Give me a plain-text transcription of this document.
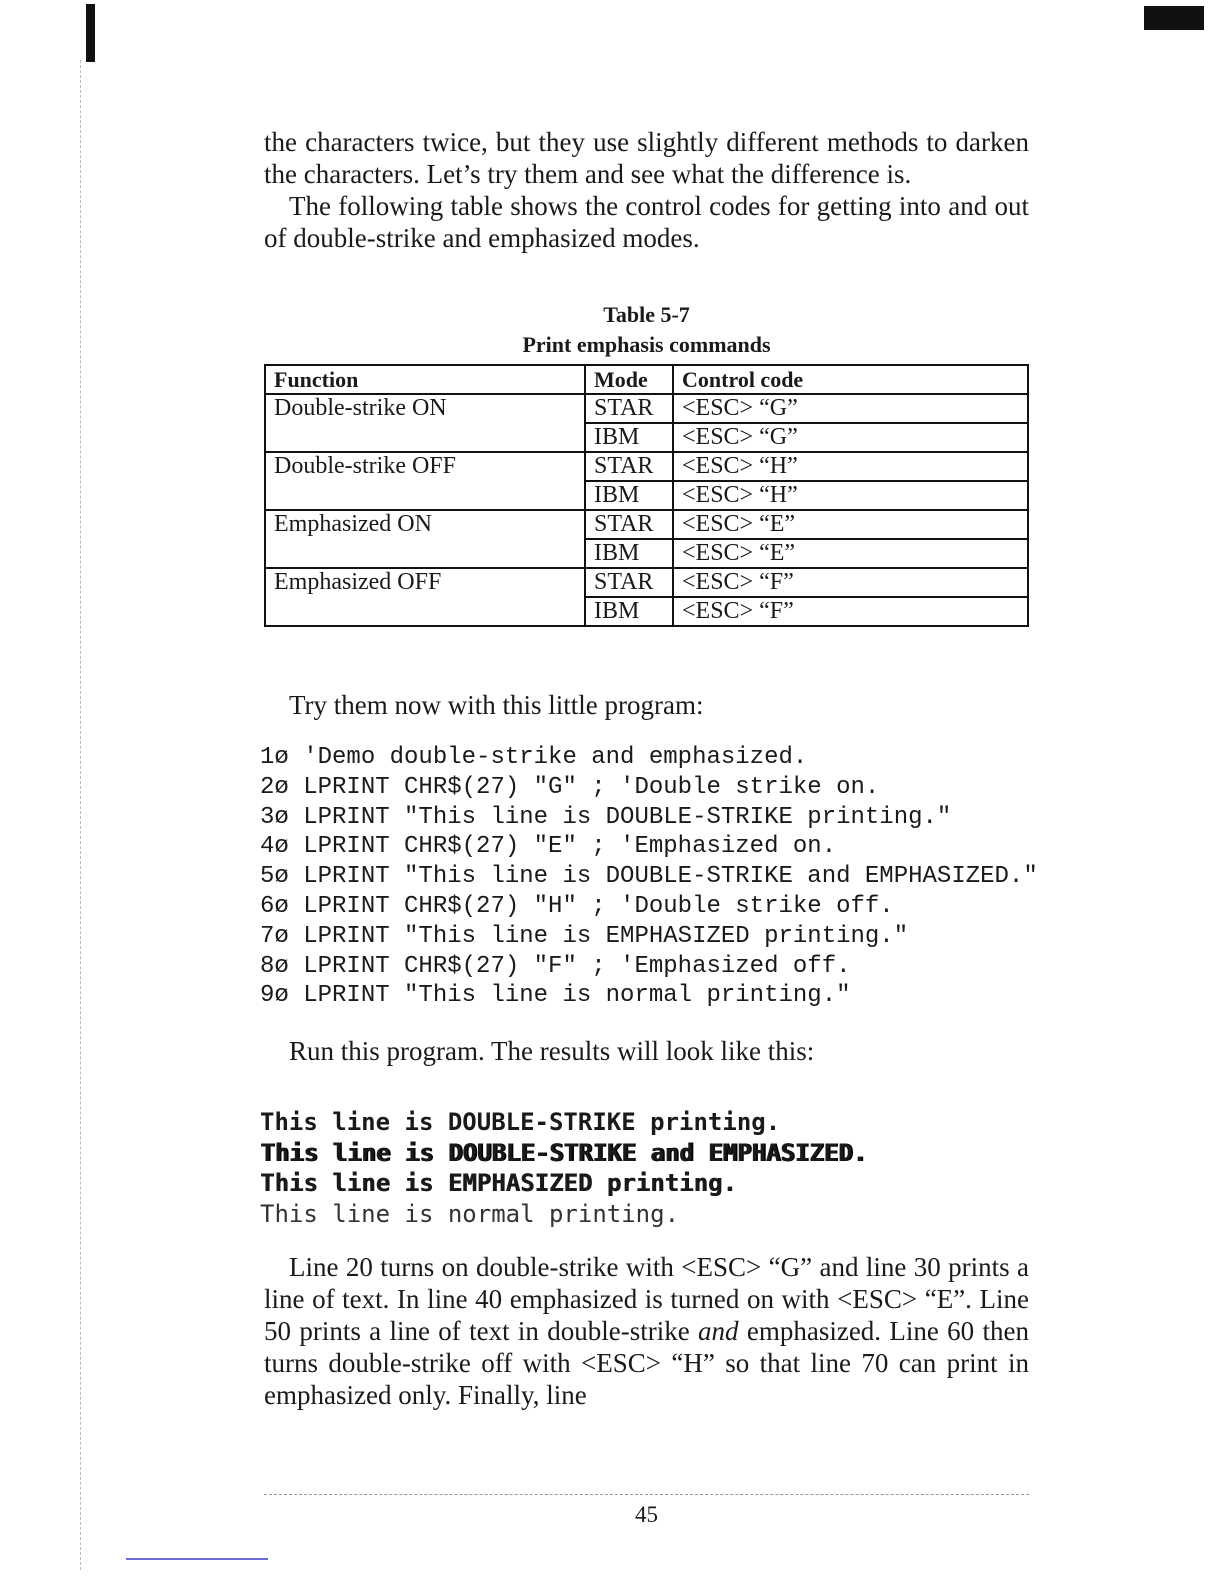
the characters twice, but they use slightly different methods to darken the characters. Let’s try them and see what the difference is.

The following table shows the control codes for getting into and out of double-strike and emphasized modes.

Table 5-7
Print emphasis commands
Function	Mode	Control code
Double-strike ON	STAR	<ESC> “G”
	IBM	<ESC> “G”
Double-strike OFF	STAR	<ESC> “H”
	IBM	<ESC> “H”
Emphasized ON	STAR	<ESC> “E”
	IBM	<ESC> “E”
Emphasized OFF	STAR	<ESC> “F”
	IBM	<ESC> “F”

Try them now with this little program:

1ø 'Demo double-strike and emphasized.
2ø LPRINT CHR$(27) "G" ; 'Double strike on.
3ø LPRINT "This line is DOUBLE-STRIKE printing."
4ø LPRINT CHR$(27) "E" ; 'Emphasized on.
5ø LPRINT "This line is DOUBLE-STRIKE and EMPHASIZED."
6ø LPRINT CHR$(27) "H" ; 'Double strike off.
7ø LPRINT "This line is EMPHASIZED printing."
8ø LPRINT CHR$(27) "F" ; 'Emphasized off.
9ø LPRINT "This line is normal printing."

Run this program. The results will look like this:

This line is DOUBLE-STRIKE printing.
This line is DOUBLE-STRIKE and EMPHASIZED.
This line is EMPHASIZED printing.
This line is normal printing.

Line 20 turns on double-strike with <ESC> “G” and line 30 prints a line of text. In line 40 emphasized is turned on with <ESC> “E”. Line 50 prints a line of text in double-strike and emphasized. Line 60 then turns double-strike off with <ESC> “H” so that line 70 can print in emphasized only. Finally, line

45
